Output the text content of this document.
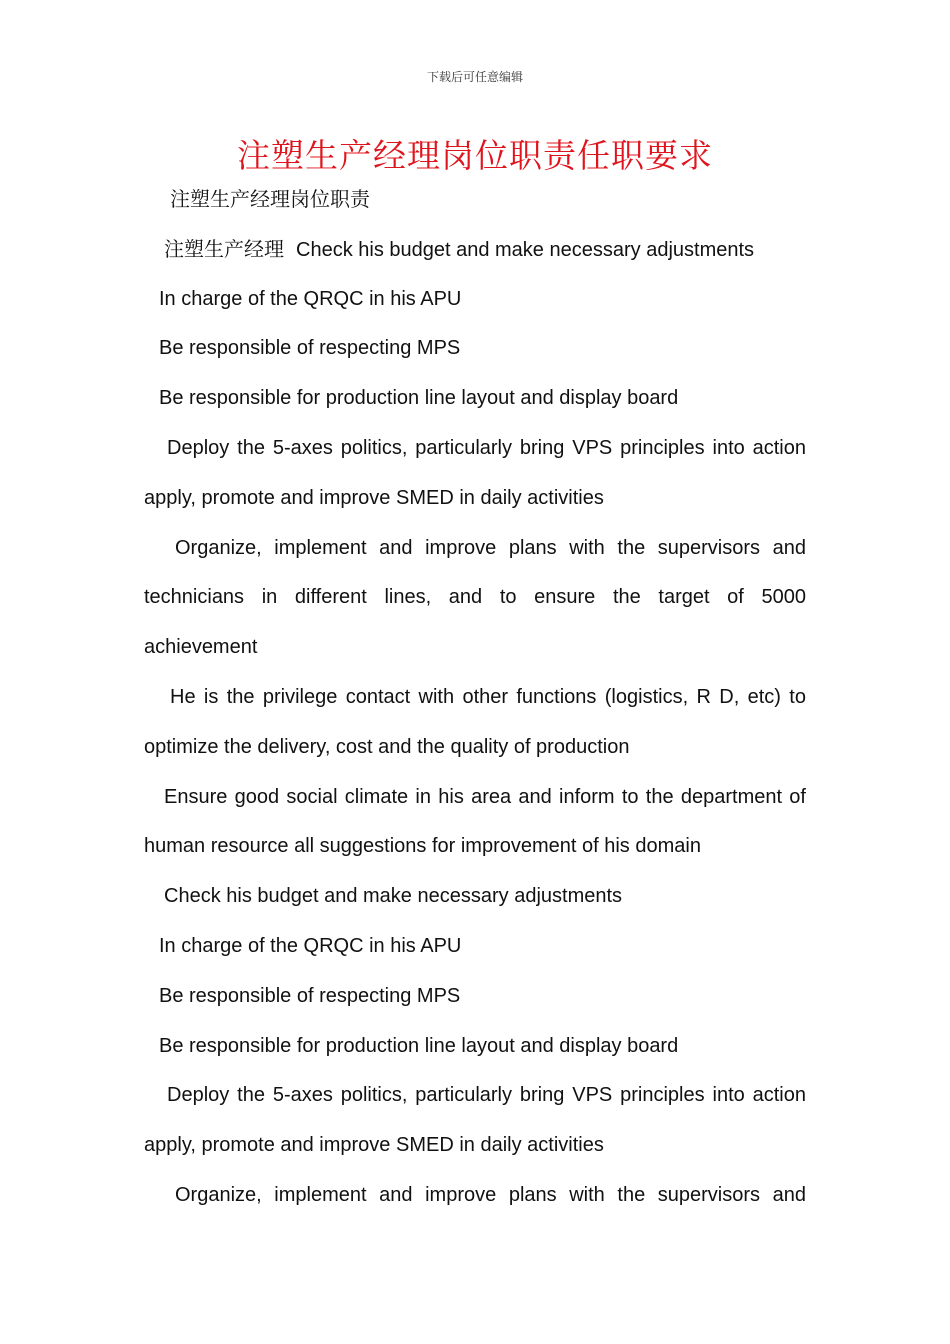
下载后可任意编辑
注塑生产经理岗位职责任职要求
注塑生产经理岗位职责
注塑生产经理 Check his budget and make necessary adjustments
In charge of the QRQC in his APU
Be responsible of respecting MPS
Be responsible for production line layout and display board
Deploy the 5-axes politics, particularly bring VPS principles into action
apply, promote and improve SMED in daily activities
Organize, implement and improve plans with the supervisors and
technicians in different lines, and to ensure the target of 5000
achievement
He is the privilege contact with other functions (logistics, R D, etc) to
optimize the delivery, cost and the quality of production
Ensure good social climate in his area and inform to the department of
human resource all suggestions for improvement of his domain
Check his budget and make necessary adjustments
In charge of the QRQC in his APU
Be responsible of respecting MPS
Be responsible for production line layout and display board
Deploy the 5-axes politics, particularly bring VPS principles into action
apply, promote and improve SMED in daily activities
Organize, implement and improve plans with the supervisors and
